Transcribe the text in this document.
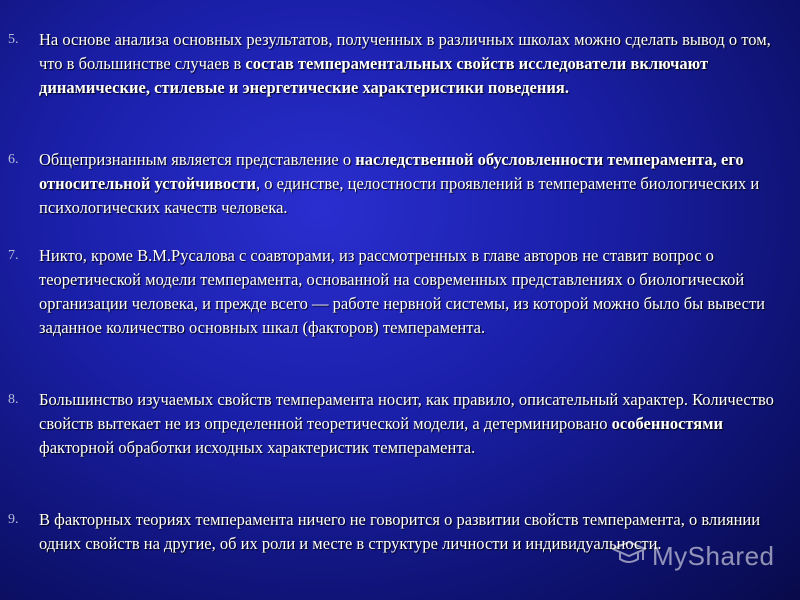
5.	На основе анализа основных результатов, полученных в различных школах можно сделать вывод о том, что в большинстве случаев в состав темпераментальных свойств исследователи включают динамические, стилевые и энергетические характеристики поведения.
6.	Общепризнанным является представление о наследственной обусловленности темперамента, его относительной устойчивости, о единстве, целостности проявлений в темпераменте биологических и психологических качеств человека.
7.	Никто, кроме В.М.Русалова с соавторами, из рассмотренных в главе авторов не ставит вопрос о теоретической модели темперамента, основанной на современных представлениях о биологической организации человека, и прежде всего — работе нервной системы, из которой можно было бы вывести заданное количество основных шкал (факторов) темперамента.
8.	Большинство изучаемых свойств темперамента носит, как правило, описательный характер. Количество свойств вытекает не из определенной теоретической модели, а детерминировано особенностями факторной обработки исходных характеристик темперамента.
9.	В факторных теориях темперамента ничего не говорится о развитии свойств темперамента, о влиянии одних свойств на другие, об их роли и месте в структуре личности и индивидуальности.
MyShared
